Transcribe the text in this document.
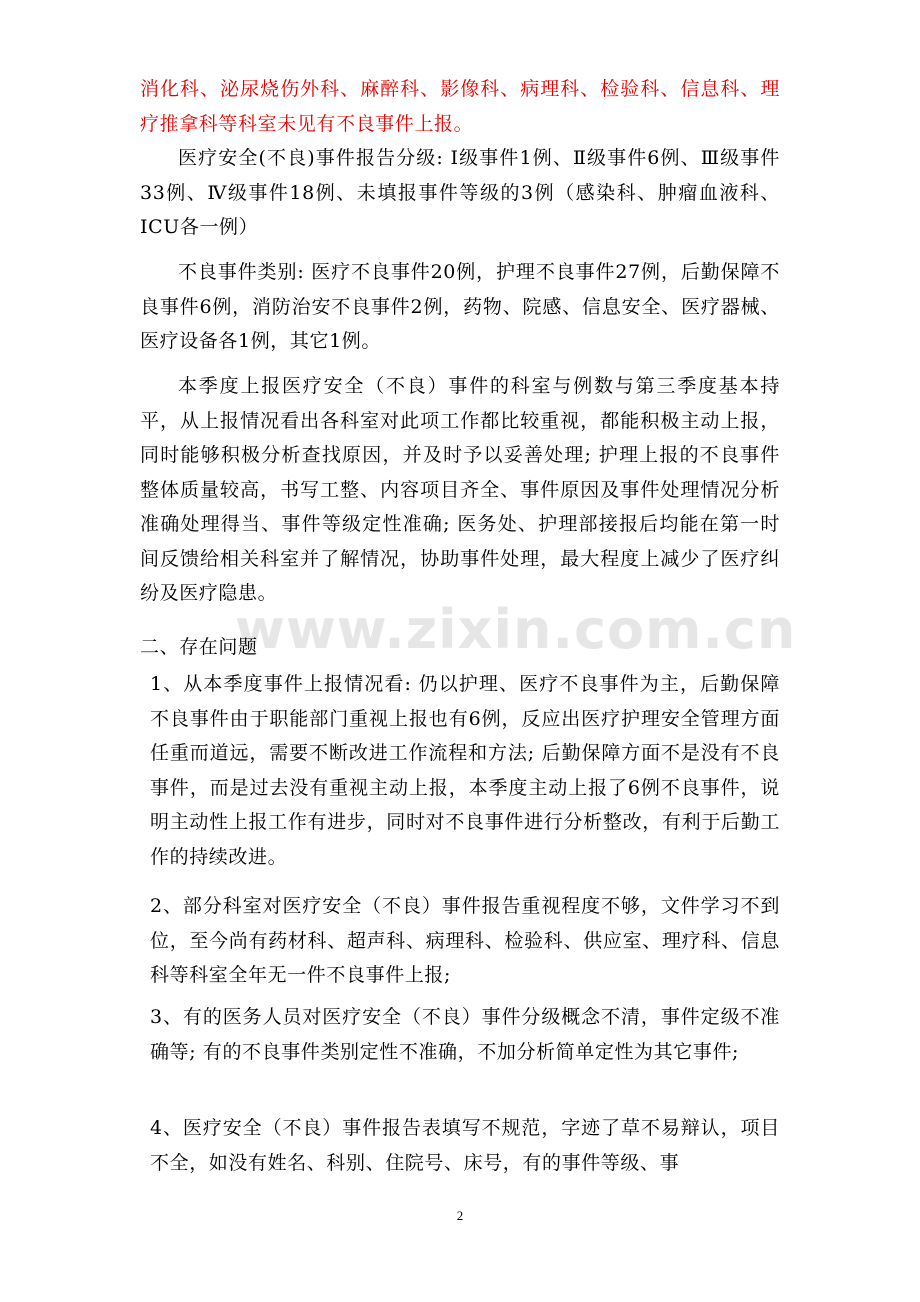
消化科、泌尿烧伤外科、麻醉科、影像科、病理科、检验科、信息科、理疗推拿科等科室未见有不良事件上报。

医疗安全(不良)事件报告分级: Ⅰ级事件1例、Ⅱ级事件6例、Ⅲ级事件33例、Ⅳ级事件18例、未填报事件等级的3例（感染科、肿瘤血液科、ICU各一例）

不良事件类别: 医疗不良事件20例，护理不良事件27例，后勤保障不良事件6例，消防治安不良事件2例，药物、院感、信息安全、医疗器械、医疗设备各1例，其它1例。

本季度上报医疗安全（不良）事件的科室与例数与第三季度基本持平，从上报情况看出各科室对此项工作都比较重视，都能积极主动上报，同时能够积极分析查找原因，并及时予以妥善处理; 护理上报的不良事件整体质量较高，书写工整、内容项目齐全、事件原因及事件处理情况分析准确处理得当、事件等级定性准确; 医务处、护理部接报后均能在第一时间反馈给相关科室并了解情况，协助事件处理，最大程度上减少了医疗纠纷及医疗隐患。

www.zixin.com.cn

二、存在问题

1、从本季度事件上报情况看: 仍以护理、医疗不良事件为主，后勤保障不良事件由于职能部门重视上报也有6例，反应出医疗护理安全管理方面任重而道远，需要不断改进工作流程和方法; 后勤保障方面不是没有不良事件，而是过去没有重视主动上报，本季度主动上报了6例不良事件，说明主动性上报工作有进步，同时对不良事件进行分析整改，有利于后勤工作的持续改进。

2、部分科室对医疗安全（不良）事件报告重视程度不够，文件学习不到位，至今尚有药材科、超声科、病理科、检验科、供应室、理疗科、信息科等科室全年无一件不良事件上报;

3、有的医务人员对医疗安全（不良）事件分级概念不清，事件定级不准确等; 有的不良事件类别定性不准确，不加分析简单定性为其它事件;

4、医疗安全（不良）事件报告表填写不规范，字迹了草不易辩认，项目不全，如没有姓名、科别、住院号、床号，有的事件等级、事

2
